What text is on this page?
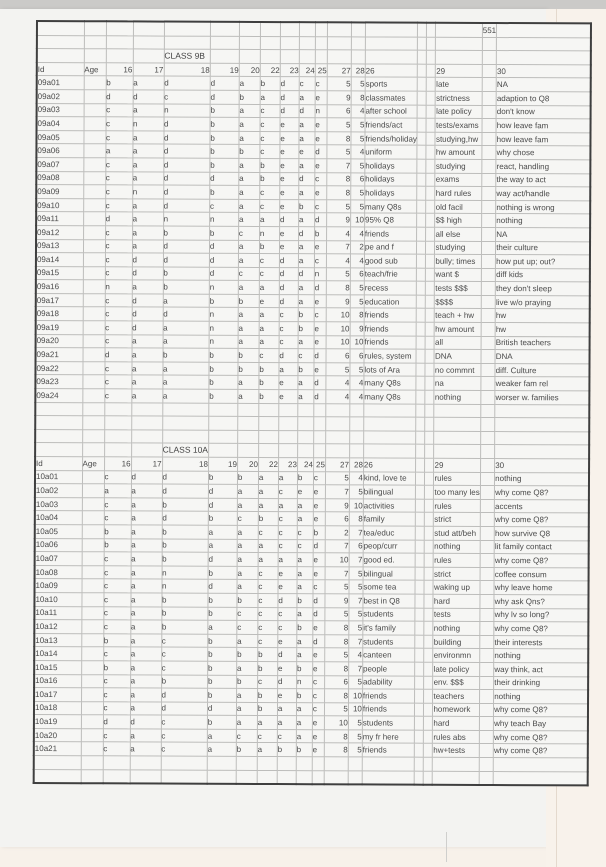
																	551	

				CLASS 9B														
Id	Age	16	17	18	19	20	22	23	24	25	27	28	26			29		30
09a01		b	a	d	d	a	b	d	c	c	5	5	sports			late		NA
09a02		d	d	c	d	b	a	d	a	e	9	8	classmates			strictness		adaption to Q8
09a03		c	a	n	b	a	c	d	d	n	6	4	after school			late policy		don't know
09a04		c	n	d	b	a	c	e	a	e	5	5	friends/act			tests/exams		how leave fam
09a05		c	a	d	b	a	c	e	a	e	8	5	friends/holiday			studying,hw		how leave fam
09a06		a	a	d	b	b	c	e	e	d	5	4	uniform			hw amount		why chose
09a07		c	a	d	b	a	b	e	a	e	7	5	holidays			studying		react, handling
09a08		c	a	d	d	a	b	e	d	c	8	6	holidays			exams		the way to act
09a09		c	n	d	b	a	c	e	a	e	8	5	holidays			hard rules		way act/handle
09a10		c	a	d	c	a	c	e	b	c	5	5	many Q8s			old facil		nothing is wrong
09a11		d	a	n	n	a	a	d	a	d	9	10	95% Q8			$$ high		nothing
09a12		c	a	b	b	c	n	e	d	b	4	4	friends			all else		NA
09a13		c	a	d	d	a	b	e	a	e	7	2	pe and f			studying		their culture
09a14		c	d	d	d	a	c	d	a	c	4	4	good sub			bully; times		how put up; out?
09a15		c	d	b	d	c	c	d	d	n	5	6	teach/frie			want $		diff kids
09a16		n	a	b	n	a	a	d	a	d	8	5	recess			tests $$$		they don't sleep
09a17		c	d	a	b	b	e	d	a	e	9	5	education			$$$$		live w/o praying
09a18		c	d	d	n	a	a	c	b	c	10	8	friends			teach + hw		hw
09a19		c	d	a	n	a	a	c	b	e	10	9	friends			hw amount		hw
09a20		c	a	a	n	a	a	c	a	e	10	10	friends			all		British teachers
09a21		d	a	b	b	b	c	d	c	d	6	6	rules, system			DNA		DNA
09a22		c	a	a	b	b	b	a	b	e	5	5	lots of Ara			no commnt		diff. Culture
09a23		c	a	a	b	a	b	e	a	d	4	4	many Q8s			na		weaker fam rel
09a24		c	a	a	b	a	b	e	a	d	4	4	many Q8s			nothing		worser w. families

				CLASS 10A														
Id	Age	16	17	18	19	20	22	23	24	25	27	28	26			29		30
10a01		c	d	d	b	b	a	a	b	c	5	4	kind, love te			rules		nothing
10a02		a	a	d	d	a	a	c	e	e	7	5	bilingual			too many les		why come Q8?
10a03		c	a	b	d	a	a	a	a	e	9	10	activities			rules		accents
10a04		c	a	d	b	c	b	c	a	e	6	8	family			strict		why come Q8?
10a05		b	a	b	a	a	c	c	c	b	2	7	tea/educ			stud att/beh		how survive Q8
10a06		b	a	b	a	a	a	c	c	d	7	6	peop/curr			nothing		lit family contact
10a07		c	a	b	d	a	a	a	a	e	10	7	good ed.			rules		why come Q8?
10a08		c	a	n	b	a	c	e	a	e	7	5	bilingual			strict		coffee consum
10a09		c	a	n	d	a	c	e	a	c	5	5	some tea			waking up		why leave home
10a10		c	a	b	b	b	c	d	b	d	9	7	best in Q8			hard		why ask Qns?
10a11		c	a	b	b	c	c	c	a	d	5	5	students			tests		why lv so long?
10a12		c	a	b	a	c	c	c	b	e	8	5	it's family			nothing		why come Q8?
10a13		b	a	c	b	a	c	e	a	d	8	7	students			building		their interests
10a14		c	a	c	b	b	b	d	a	e	5	4	canteen			environmn		nothing
10a15		b	a	c	b	a	b	e	b	e	8	7	people			late policy		way think, act
10a16		c	a	b	b	b	c	d	n	c	6	5	adability			env. $$$		their drinking
10a17		c	a	d	b	a	b	e	b	c	8	10	friends			teachers		nothing
10a18		c	a	d	d	a	b	a	a	c	5	10	friends			homework		why come Q8?
10a19		d	d	c	b	a	a	a	a	e	10	5	students			hard		why teach Bay
10a20		c	a	c	a	c	c	c	a	e	8	5	my fr here			rules abs		why come Q8?
10a21		c	a	c	a	b	a	b	b	e	8	5	friends			hw+tests		why come Q8?
